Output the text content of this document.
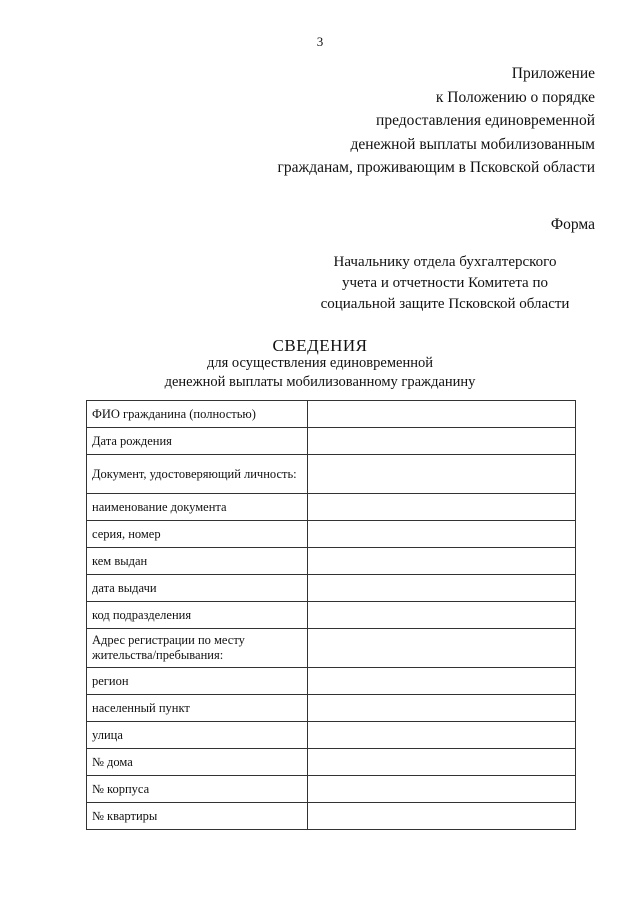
3
Приложение
к Положению о порядке
предоставления единовременной
денежной выплаты мобилизованным
гражданам, проживающим в Псковской области
Форма
Начальнику отдела бухгалтерского
учета и отчетности Комитета по
социальной защите Псковской области
СВЕДЕНИЯ
для осуществления единовременной
денежной выплаты мобилизованному гражданину
ФИО гражданина (полностью)	
Дата рождения	
Документ, удостоверяющий личность:	
наименование документа	
серия, номер	
кем выдан	
дата выдачи	
код подразделения	
Адрес регистрации по месту жительства/пребывания:	
регион	
населенный пункт	
улица	
№ дома	
№ корпуса	
№ квартиры	
